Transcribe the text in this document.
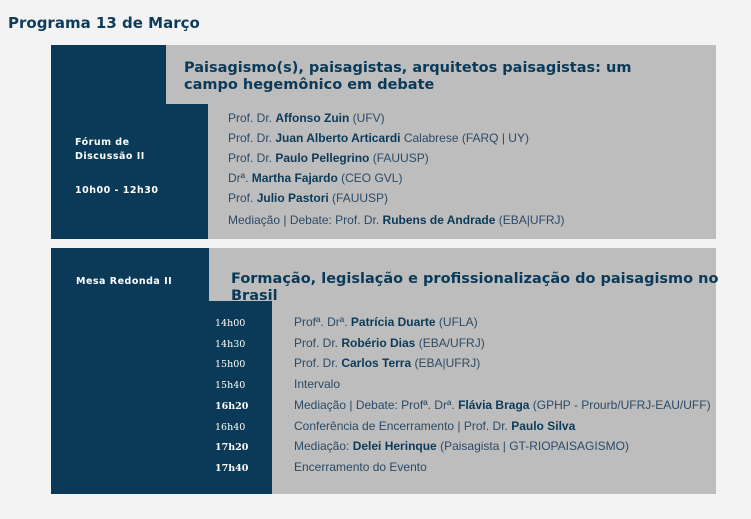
Programa 13 de Março
Paisagismo(s), paisagistas, arquitetos paisagistas: um
campo hegemônico em debate
Fórum de
Discussão II
10h00 - 12h30
Prof. Dr. Affonso Zuin (UFV)
Prof. Dr. Juan Alberto Articardi Calabrese (FARQ | UY)
Prof. Dr. Paulo Pellegrino (FAUUSP)
Drª. Martha Fajardo (CEO GVL)
Prof. Julio Pastori (FAUUSP)
Mediação | Debate: Prof. Dr. Rubens de Andrade (EBA|UFRJ)
Formação, legislação e profissionalização do paisagismo no
Brasil
Mesa Redonda II
14h00	Profª. Drª. Patrícia Duarte (UFLA)
14h30	Prof. Dr. Robério Dias (EBA/UFRJ)
15h00	Prof. Dr. Carlos Terra (EBA|UFRJ)
15h40	Intervalo
16h20	Mediação | Debate: Profª. Drª. Flávia Braga (GPHP - Prourb/UFRJ-EAU/UFF)
16h40	Conferência de Encerramento | Prof. Dr. Paulo Silva
17h20	Mediação: Delei Herinque (Paisagista | GT-RIOPAISAGISMO)
17h40	Encerramento do Evento
